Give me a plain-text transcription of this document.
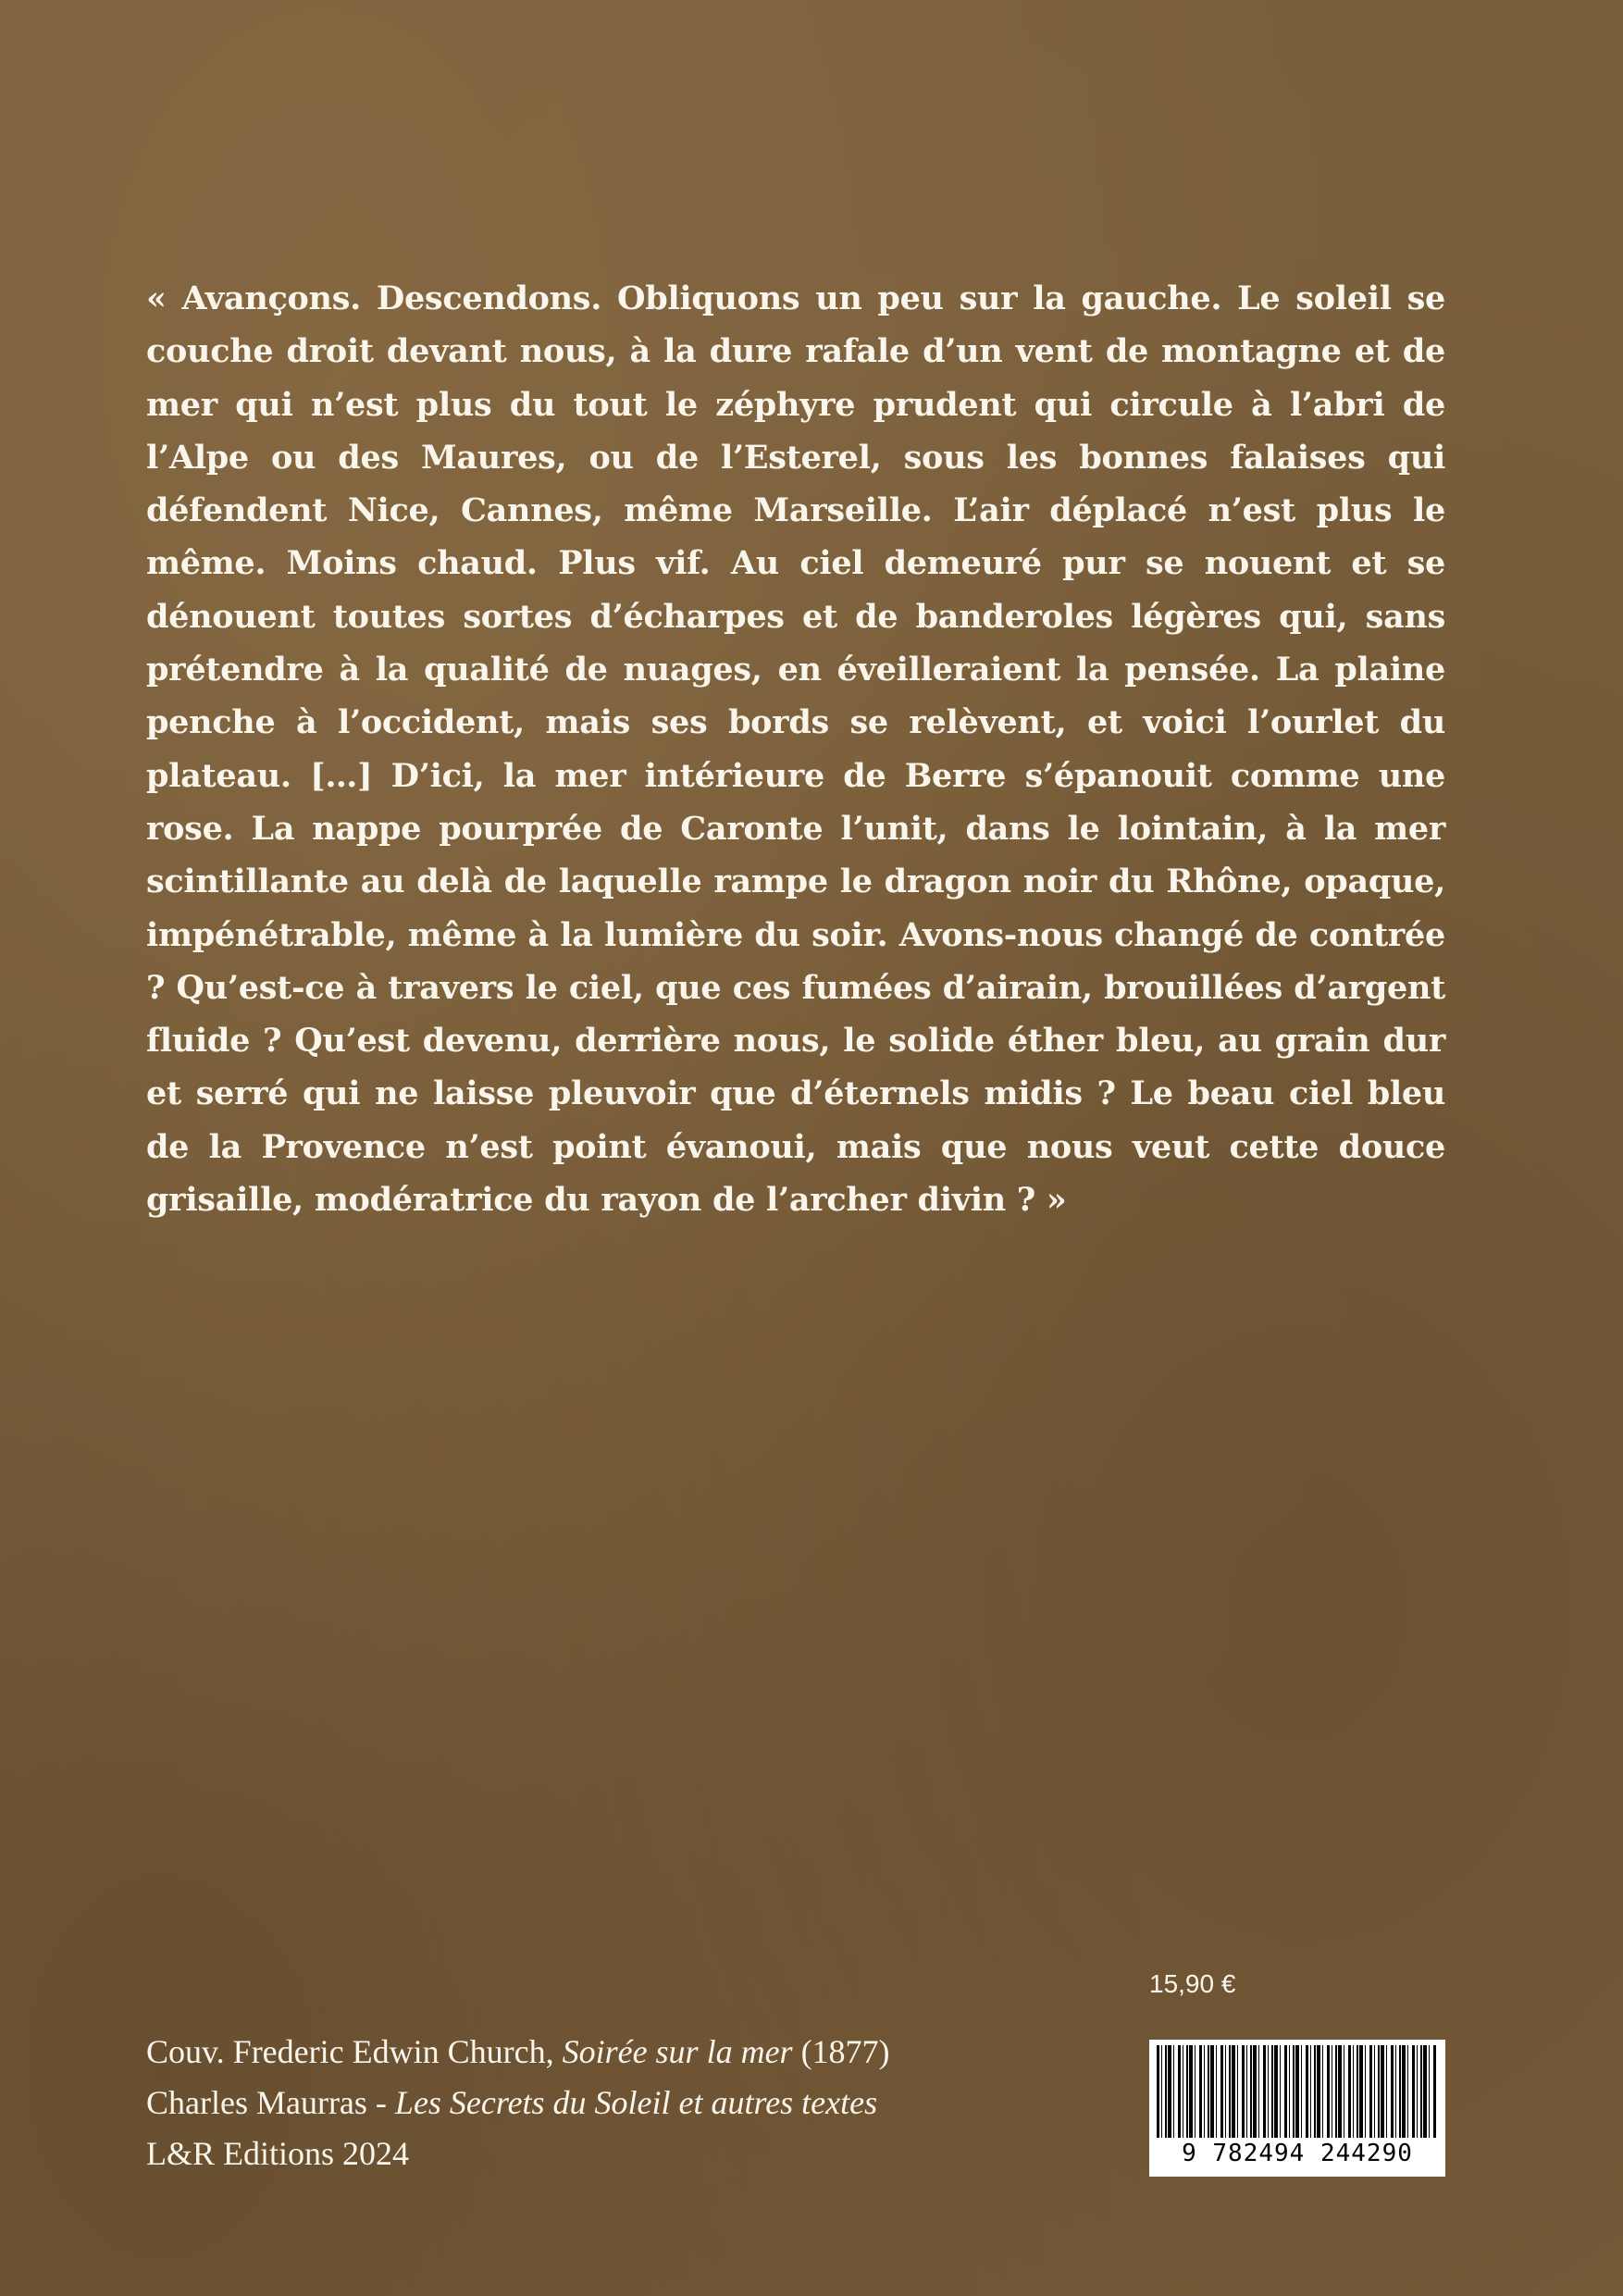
« Avançons. Descendons. Obliquons un peu sur la gauche. Le soleil se couche droit devant nous, à la dure rafale d’un vent de montagne et de mer qui n’est plus du tout le zéphyre prudent qui circule à l’abri de l’Alpe ou des Maures, ou de l’Esterel, sous les bonnes falaises qui défendent Nice, Cannes, même Marseille. L’air déplacé n’est plus le même. Moins chaud. Plus vif. Au ciel demeuré pur se nouent et se dénouent toutes sortes d’écharpes et de banderoles légères qui, sans prétendre à la qualité de nuages, en éveilleraient la pensée. La plaine penche à l’occident, mais ses bords se relèvent, et voici l’ourlet du plateau. […] D’ici, la mer intérieure de Berre s’épanouit comme une rose. La nappe pourprée de Caronte l’unit, dans le lointain, à la mer scintillante au delà de laquelle rampe le dragon noir du Rhône, opaque, impénétrable, même à la lumière du soir. Avons-nous changé de contrée ? Qu’est-ce à travers le ciel, que ces fumées d’airain, brouillées d’argent fluide ? Qu’est devenu, derrière nous, le solide éther bleu, au grain dur et serré qui ne laisse pleuvoir que d’éternels midis ? Le beau ciel bleu de la Provence n’est point évanoui, mais que nous veut cette douce grisaille, modératrice du rayon de l’archer divin ? »
Couv. Frederic Edwin Church, Soirée sur la mer (1877)
Charles Maurras - Les Secrets du Soleil et autres textes
L&R Editions 2024
15,90 €
9 782494 244290
